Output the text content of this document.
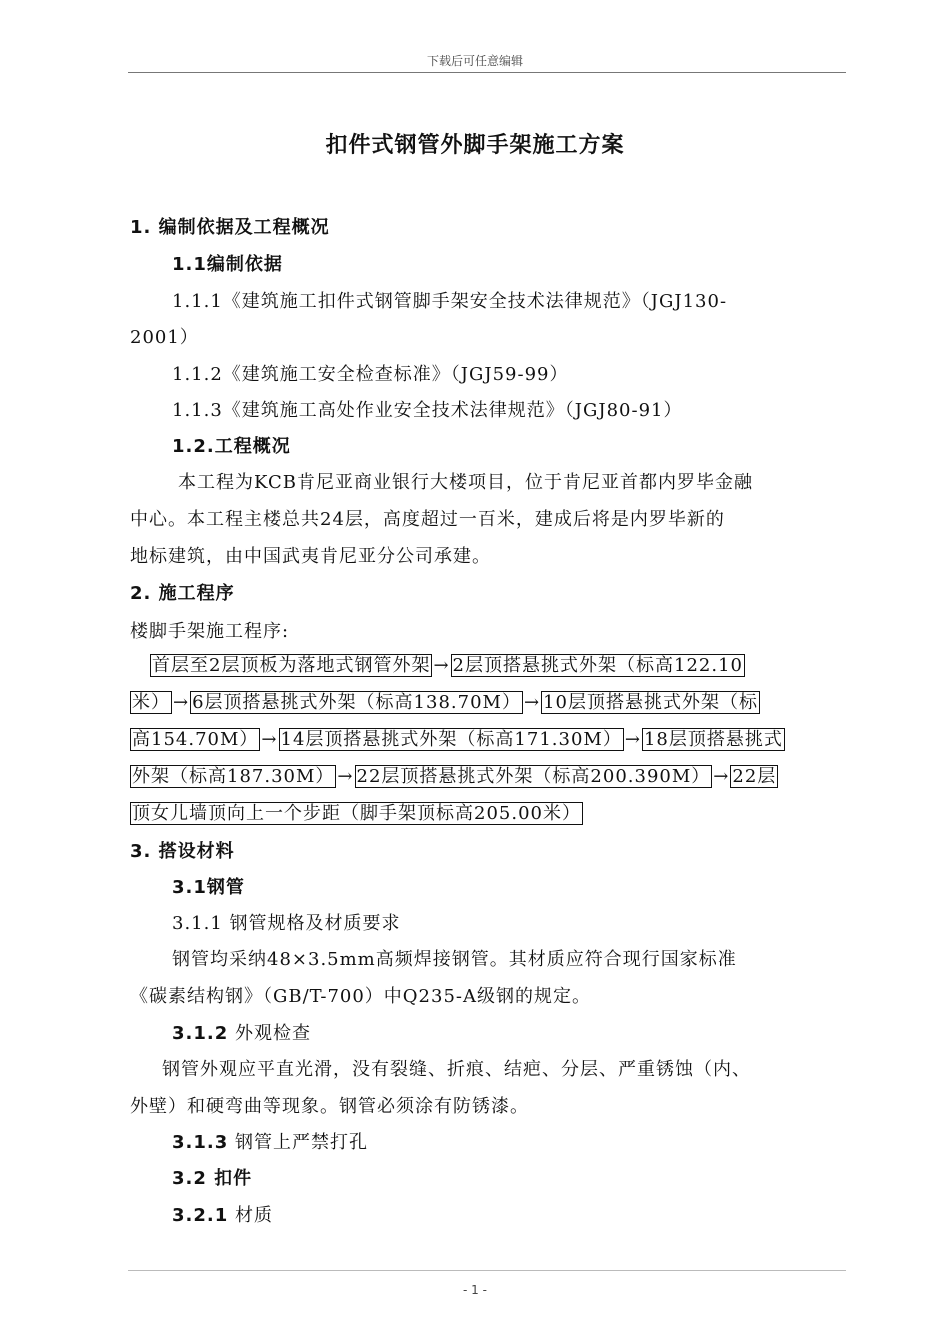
下载后可任意编辑
扣件式钢管外脚手架施工方案
1. 编制依据及工程概况
1.1编制依据
1.1.1《建筑施工扣件式钢管脚手架安全技术法律规范》（JGJ130-
2001）
1.1.2《建筑施工安全检查标准》（JGJ59-99）
1.1.3《建筑施工高处作业安全技术法律规范》（JGJ80-91）
1.2.工程概况
本工程为KCB肯尼亚商业银行大楼项目，位于肯尼亚首都内罗毕金融
中心。本工程主楼总共24层，高度超过一百米，建成后将是内罗毕新的
地标建筑，由中国武夷肯尼亚分公司承建。
2. 施工程序
楼脚手架施工程序:
首层至2层顶板为落地式钢管外架 → 2层顶搭悬挑式外架（标高122.10
米） → 6层顶搭悬挑式外架（标高138.70M） → 10层顶搭悬挑式外架（标
高154.70M） → 14层顶搭悬挑式外架（标高171.30M） → 18层顶搭悬挑式
外架（标高187.30M） → 22层顶搭悬挑式外架（标高200.390M） → 22层
顶女儿墙顶向上一个步距（脚手架顶标高205.00米）
3. 搭设材料
3.1钢管
3.1.1 钢管规格及材质要求
钢管均采纳48×3.5mm高频焊接钢管。其材质应符合现行国家标准
《碳素结构钢》（GB/T-700）中Q235-A级钢的规定。
3.1.2 外观检查
钢管外观应平直光滑，没有裂缝、折痕、结疤、分层、严重锈蚀（内、
外壁）和硬弯曲等现象。钢管必须涂有防锈漆。
3.1.3 钢管上严禁打孔
3.2 扣件
3.2.1 材质
- 1 -
